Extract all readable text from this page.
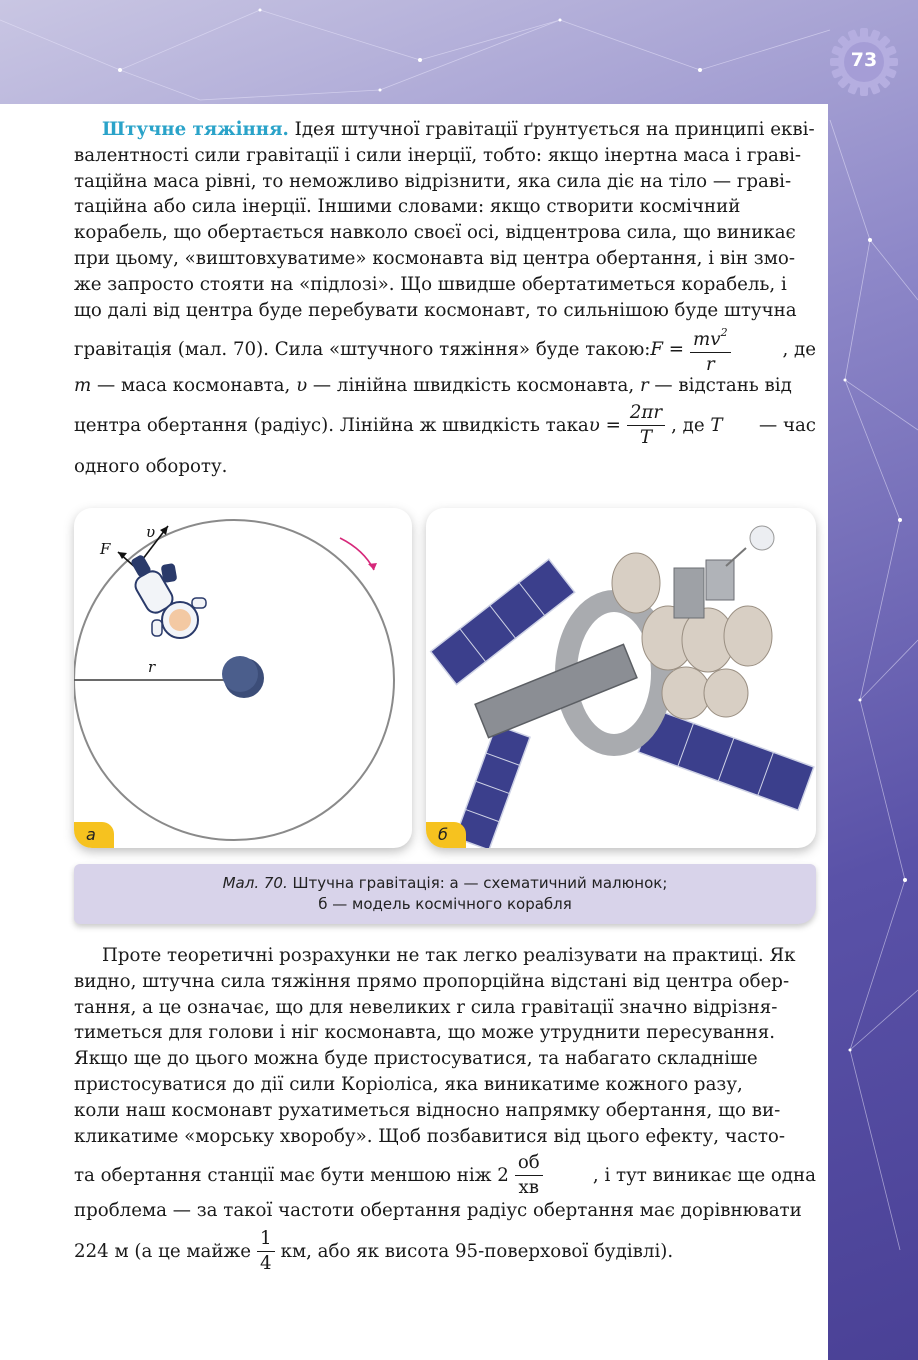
73
Штучне тяжіння. Ідея штучної гравітації ґрунтується на принципі еквi-
валентності сили гравітації і сили інерції, тобто: якщо інертна маса і грaві-
таційна маса рівні, то неможливо відрізнити, яка сила діє на тіло — грaві-
таційна або сила інерції. Іншими словами: якщо створити космічний
корабель, що обертається навколо своєї осі, відцентрова сила, що виникає
при цьому, «виштовхуватиме» космонавта від центра обертання, і він змо-
же запросто стояти на «підлозі». Що швидше обертатиметься корабель, і
що далі від центра буде перебувати космонавт, то сильнішою буде штучна
гравітація (мал. 70). Сила «штучного тяжіння» буде такою: $F = \frac{mv^2}{r}$	, де
m — маса космонавта, υ — лінійна швидкість космонавта, r — відстань від
центра обертання (радіус). Лінійна ж швидкість така $\upsilon = \frac{2\pi r}{T}$ , де T — час
одного обороту.
υ
F
r
а	б
Мал. 70. Штучна гравітація: а — схематичний малюнок;
б — модель космічного корабля
Проте теоретичні розрахунки не так легко реалізувати на практиці. Як
видно, штучна сила тяжіння прямо пропорційна відстані від центра обер-
тання, а це означає, що для невеликих r сила гравітації значно відрізня-
тиметься для голови і ніг космонавта, що може утруднити пересування.
Якщо ще до цього можна буде пристосуватися, та набагато складніше
пристосуватися до дії сили Коріоліса, яка виникатиме кожного разу,
коли наш космонавт рухатиметься відносно напрямку обертання, що ви-
кликатиме «морську хворобу». Щоб позбавитися від цього ефекту, часто-
та обертання станції має бути меншою ніж $2 \frac{об}{хв}$	, і тут виникає ще одна
проблема — за такої частоти обертання радіус обертання має дорівнювати
224 м (а це майже $\frac{1}{4}$ км, або як висота 95-поверхової будівлі).
